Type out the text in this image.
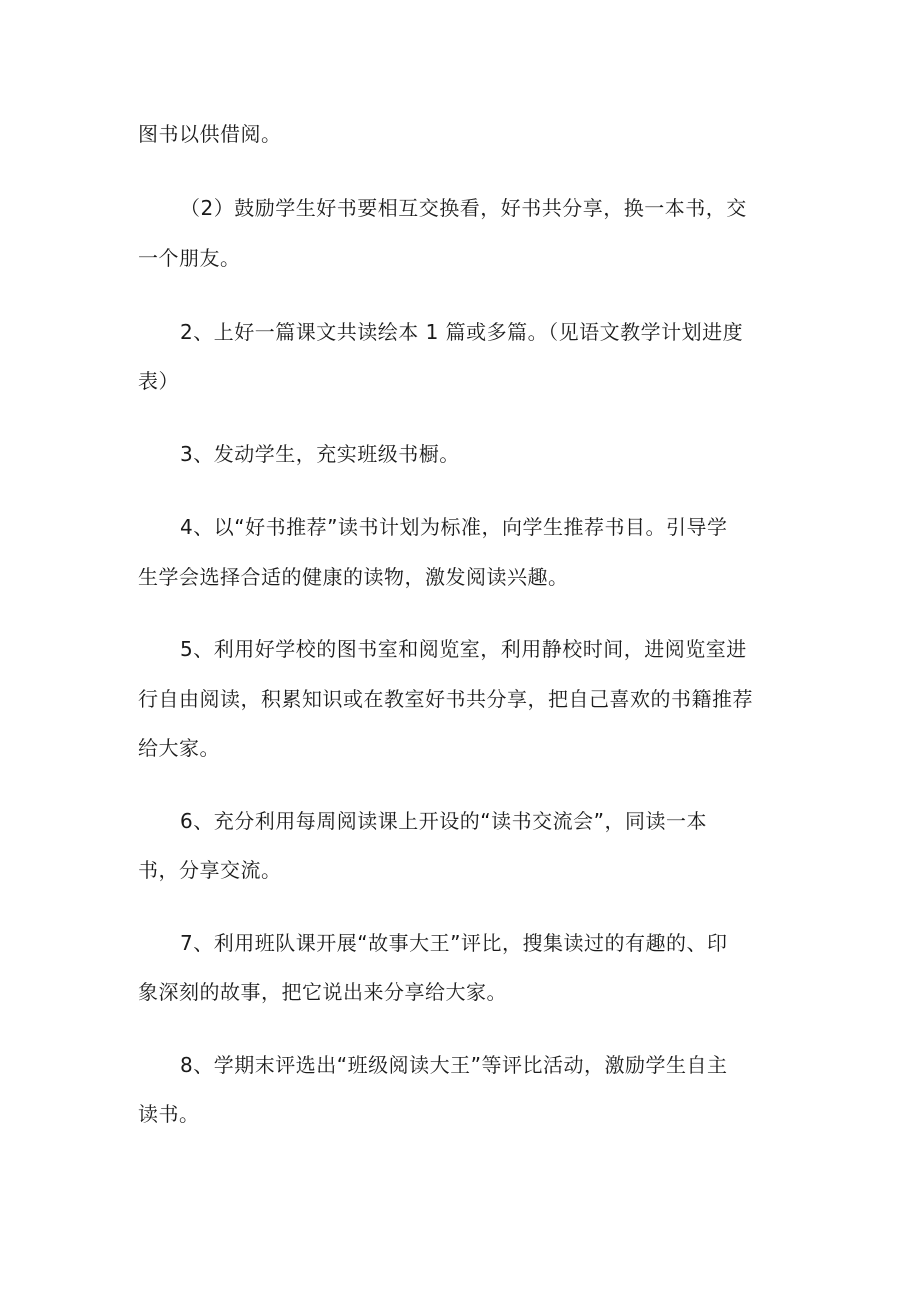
图书以供借阅。
（2）鼓励学生好书要相互交换看，好书共分享，换一本书，交
一个朋友。
2、上好一篇课文共读绘本 1 篇或多篇。（见语文教学计划进度
表）
3、发动学生，充实班级书橱。
4、以“好书推荐”读书计划为标准，向学生推荐书目。引导学
生学会选择合适的健康的读物，激发阅读兴趣。
5、利用好学校的图书室和阅览室，利用静校时间，进阅览室进
行自由阅读，积累知识或在教室好书共分享，把自己喜欢的书籍推荐
给大家。
6、充分利用每周阅读课上开设的“读书交流会”，同读一本
书，分享交流。
7、利用班队课开展“故事大王”评比，搜集读过的有趣的、印
象深刻的故事，把它说出来分享给大家。
8、学期末评选出“班级阅读大王”等评比活动，激励学生自主
读书。
